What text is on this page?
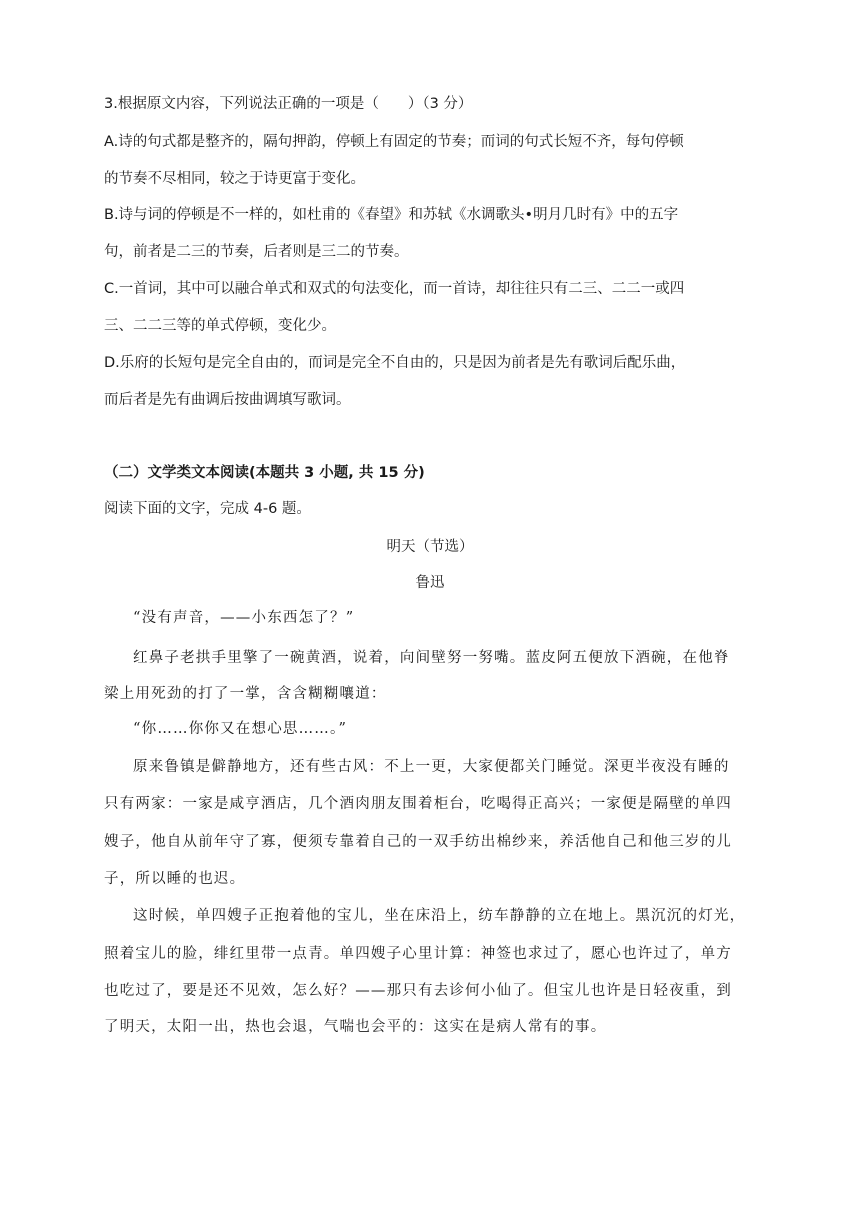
3.根据原文内容，下列说法正确的一项是（　　）（3 分）
A.诗的句式都是整齐的，隔句押韵，停顿上有固定的节奏；而词的句式长短不齐，每句停顿
的节奏不尽相同，较之于诗更富于变化。
B.诗与词的停顿是不一样的，如杜甫的《春望》和苏轼《水调歌头•明月几时有》中的五字
句，前者是二三的节奏，后者则是三二的节奏。
C.一首词，其中可以融合单式和双式的句法变化，而一首诗，却往往只有二三、二二一或四
三、二二三等的单式停顿，变化少。
D.乐府的长短句是完全自由的，而词是完全不自由的，只是因为前者是先有歌词后配乐曲，
而后者是先有曲调后按曲调填写歌词。
（二）文学类文本阅读(本题共 3 小题, 共 15 分)
阅读下面的文字，完成 4-6 题。
明天（节选）
鲁迅
“没有声音，——小东西怎了？”
红鼻子老拱手里擎了一碗黄酒，说着，向间壁努一努嘴。蓝皮阿五便放下酒碗，在他脊
梁上用死劲的打了一掌，含含糊糊嚷道：
“你……你你又在想心思……。”
原来鲁镇是僻静地方，还有些古风：不上一更，大家便都关门睡觉。深更半夜没有睡的
只有两家：一家是咸亨酒店，几个酒肉朋友围着柜台，吃喝得正高兴；一家便是隔壁的单四
嫂子，他自从前年守了寡，便须专靠着自己的一双手纺出棉纱来，养活他自己和他三岁的儿
子，所以睡的也迟。
这时候，单四嫂子正抱着他的宝儿，坐在床沿上，纺车静静的立在地上。黑沉沉的灯光，
照着宝儿的脸，绯红里带一点青。单四嫂子心里计算：神签也求过了，愿心也许过了，单方
也吃过了，要是还不见效，怎么好？——那只有去诊何小仙了。但宝儿也许是日轻夜重，到
了明天，太阳一出，热也会退，气喘也会平的：这实在是病人常有的事。
